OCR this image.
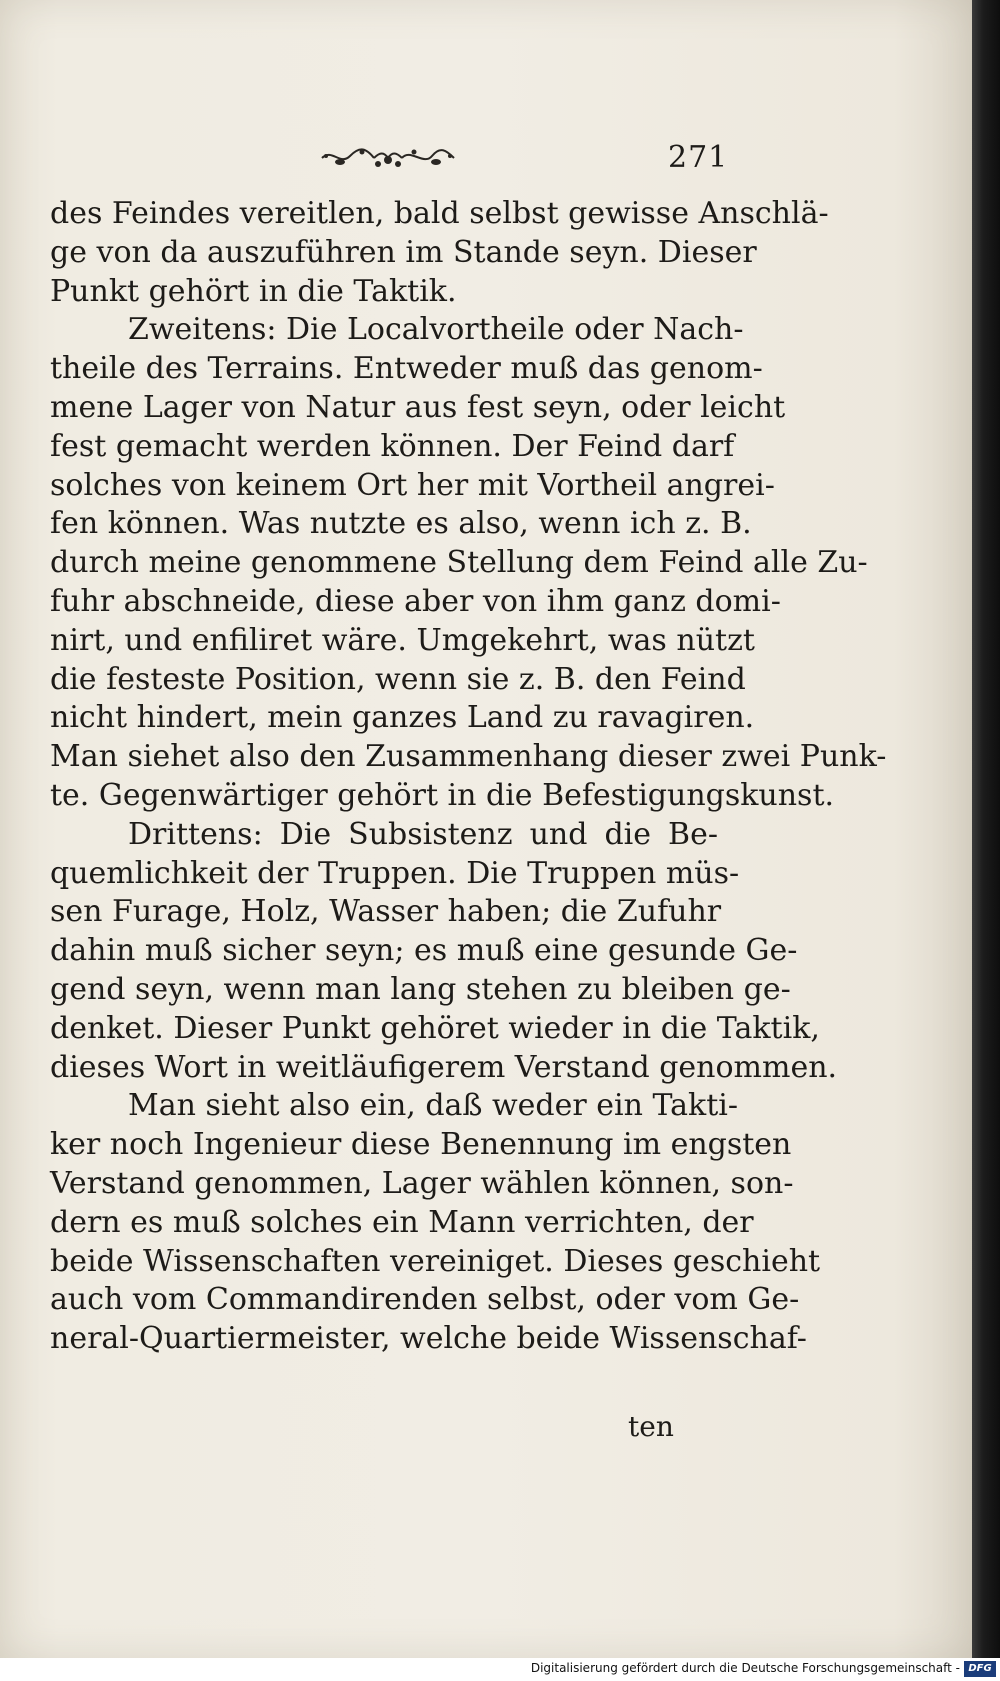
271
des Feindes vereitlen, bald selbst gewisse Anschlä-
ge von da auszuführen im Stande seyn. Dieser
Punkt gehört in die Taktik.
Zweitens: Die Localvortheile oder Nach-
theile des Terrains. Entweder muß das genom-
mene Lager von Natur aus fest seyn, oder leicht
fest gemacht werden können. Der Feind darf
solches von keinem Ort her mit Vortheil angrei-
fen können. Was nutzte es also, wenn ich z. B.
durch meine genommene Stellung dem Feind alle Zu-
fuhr abschneide, diese aber von ihm ganz domi-
nirt, und enfiliret wäre. Umgekehrt, was nützt
die festeste Position, wenn sie z. B. den Feind
nicht hindert, mein ganzes Land zu ravagiren.
Man siehet also den Zusammenhang dieser zwei Punk-
te. Gegenwärtiger gehört in die Befestigungskunst.
Drittens: Die Subsistenz und die Be-
quemlichkeit der Truppen. Die Truppen müs-
sen Furage, Holz, Wasser haben; die Zufuhr
dahin muß sicher seyn; es muß eine gesunde Ge-
gend seyn, wenn man lang stehen zu bleiben ge-
denket. Dieser Punkt gehöret wieder in die Taktik,
dieses Wort in weitläufigerem Verstand genommen.
Man sieht also ein, daß weder ein Takti-
ker noch Ingenieur diese Benennung im engsten
Verstand genommen, Lager wählen können, son-
dern es muß solches ein Mann verrichten, der
beide Wissenschaften vereiniget. Dieses geschieht
auch vom Commandirenden selbst, oder vom Ge-
neral-Quartiermeister, welche beide Wissenschaf-
ten
Digitalisierung gefördert durch die Deutsche Forschungsgemeinschaft - DFG
